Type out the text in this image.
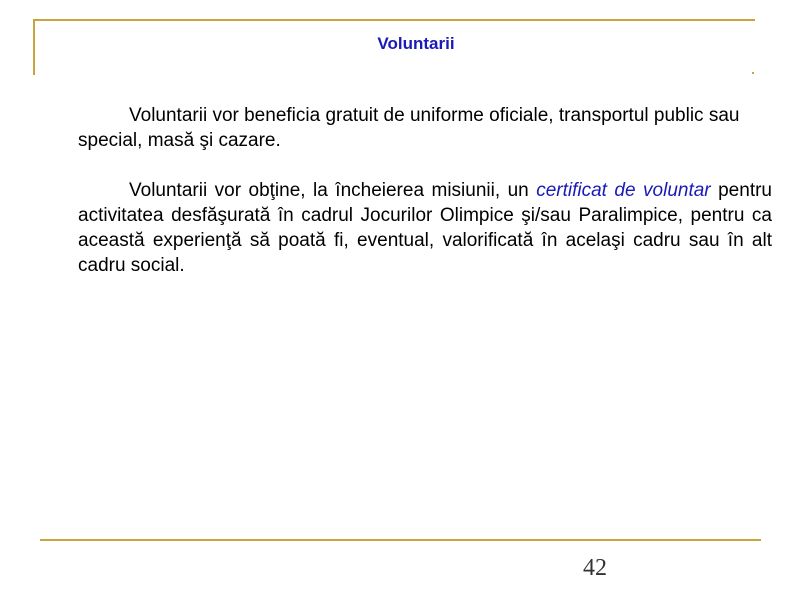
Voluntarii

Voluntarii vor beneficia gratuit de uniforme oficiale, transportul public sau special, masă şi cazare.

Voluntarii vor obţine, la încheierea misiunii, un certificat de voluntar pentru activitatea desfăşurată în cadrul Jocurilor Olimpice şi/sau Paralimpice, pentru ca această experienţă să poată fi, eventual, valorificată în acelaşi cadru sau în alt cadru social.

42
